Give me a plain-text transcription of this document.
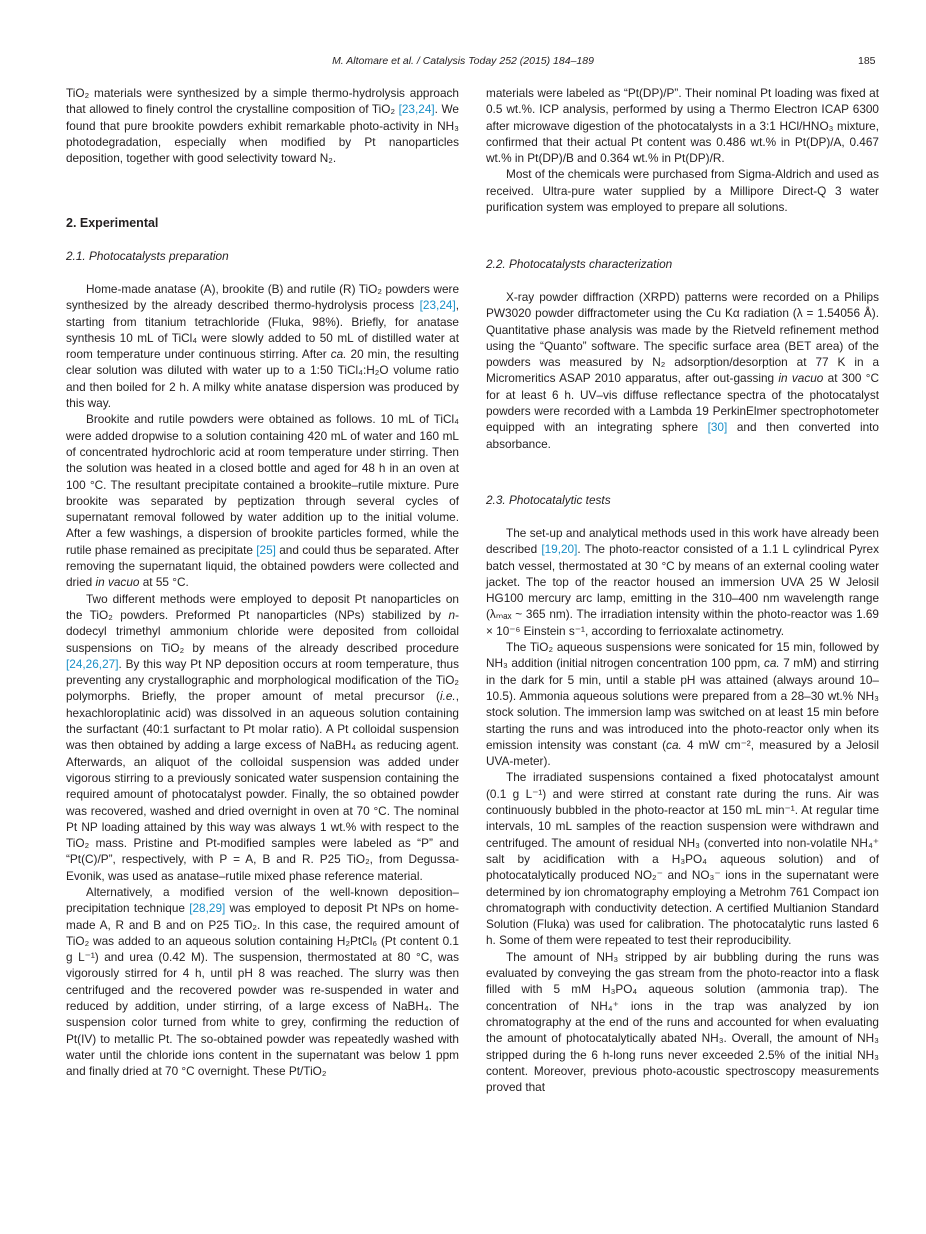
M. Altomare et al. / Catalysis Today 252 (2015) 184–189	185

TiO₂ materials were synthesized by a simple thermo-hydrolysis approach that allowed to finely control the crystalline composition of TiO₂ [23,24]. We found that pure brookite powders exhibit remarkable photo-activity in NH₃ photodegradation, especially when modified by Pt nanoparticles deposition, together with good selectivity toward N₂.

2. Experimental
2.1. Photocatalysts preparation

Home-made anatase (A), brookite (B) and rutile (R) TiO₂ powders were synthesized by the already described thermo-hydrolysis process [23,24], starting from titanium tetrachloride (Fluka, 98%). Briefly, for anatase synthesis 10 mL of TiCl₄ were slowly added to 50 mL of distilled water at room temperature under continuous stirring. After ca. 20 min, the resulting clear solution was diluted with water up to a 1:50 TiCl₄:H₂O volume ratio and then boiled for 2 h. A milky white anatase dispersion was produced by this way.

Brookite and rutile powders were obtained as follows. 10 mL of TiCl₄ were added dropwise to a solution containing 420 mL of water and 160 mL of concentrated hydrochloric acid at room temperature under stirring. Then the solution was heated in a closed bottle and aged for 48 h in an oven at 100 °C. The resultant precipitate contained a brookite–rutile mixture. Pure brookite was separated by peptization through several cycles of supernatant removal followed by water addition up to the initial volume. After a few washings, a dispersion of brookite particles formed, while the rutile phase remained as precipitate [25] and could thus be separated. After removing the supernatant liquid, the obtained powders were collected and dried in vacuo at 55 °C.

Two different methods were employed to deposit Pt nanoparticles on the TiO₂ powders. Preformed Pt nanoparticles (NPs) stabilized by n-dodecyl trimethyl ammonium chloride were deposited from colloidal suspensions on TiO₂ by means of the already described procedure [24,26,27]. By this way Pt NP deposition occurs at room temperature, thus preventing any crystallographic and morphological modification of the TiO₂ polymorphs. Briefly, the proper amount of metal precursor (i.e., hexachloroplatinic acid) was dissolved in an aqueous solution containing the surfactant (40:1 surfactant to Pt molar ratio). A Pt colloidal suspension was then obtained by adding a large excess of NaBH₄ as reducing agent. Afterwards, an aliquot of the colloidal suspension was added under vigorous stirring to a previously sonicated water suspension containing the required amount of photocatalyst powder. Finally, the so obtained powder was recovered, washed and dried overnight in oven at 70 °C. The nominal Pt NP loading attained by this way was always 1 wt.% with respect to the TiO₂ mass. Pristine and Pt-modified samples were labeled as “P” and “Pt(C)/P”, respectively, with P = A, B and R. P25 TiO₂, from Degussa-Evonik, was used as anatase–rutile mixed phase reference material.

Alternatively, a modified version of the well-known deposition–precipitation technique [28,29] was employed to deposit Pt NPs on home-made A, R and B and on P25 TiO₂. In this case, the required amount of TiO₂ was added to an aqueous solution containing H₂PtCl₆ (Pt content 0.1 g L⁻¹) and urea (0.42 M). The suspension, thermostated at 80 °C, was vigorously stirred for 4 h, until pH 8 was reached. The slurry was then centrifuged and the recovered powder was re-suspended in water and reduced by addition, under stirring, of a large excess of NaBH₄. The suspension color turned from white to grey, confirming the reduction of Pt(IV) to metallic Pt. The so-obtained powder was repeatedly washed with water until the chloride ions content in the supernatant was below 1 ppm and finally dried at 70 °C overnight. These Pt/TiO₂

materials were labeled as “Pt(DP)/P”. Their nominal Pt loading was fixed at 0.5 wt.%. ICP analysis, performed by using a Thermo Electron ICAP 6300 after microwave digestion of the photocatalysts in a 3:1 HCl/HNO₃ mixture, confirmed that their actual Pt content was 0.486 wt.% in Pt(DP)/A, 0.467 wt.% in Pt(DP)/B and 0.364 wt.% in Pt(DP)/R.

Most of the chemicals were purchased from Sigma-Aldrich and used as received. Ultra-pure water supplied by a Millipore Direct-Q 3 water purification system was employed to prepare all solutions.

2.2. Photocatalysts characterization

X-ray powder diffraction (XRPD) patterns were recorded on a Philips PW3020 powder diffractometer using the Cu Kα radiation (λ = 1.54056 Å). Quantitative phase analysis was made by the Rietveld refinement method using the “Quanto” software. The specific surface area (BET area) of the powders was measured by N₂ adsorption/desorption at 77 K in a Micromeritics ASAP 2010 apparatus, after out-gassing in vacuo at 300 °C for at least 6 h. UV–vis diffuse reflectance spectra of the photocatalyst powders were recorded with a Lambda 19 PerkinElmer spectrophotometer equipped with an integrating sphere [30] and then converted into absorbance.

2.3. Photocatalytic tests

The set-up and analytical methods used in this work have already been described [19,20]. The photo-reactor consisted of a 1.1 L cylindrical Pyrex batch vessel, thermostated at 30 °C by means of an external cooling water jacket. The top of the reactor housed an immersion UVA 25 W Jelosil HG100 mercury arc lamp, emitting in the 310–400 nm wavelength range (λₘₐₓ ~ 365 nm). The irradiation intensity within the photo-reactor was 1.69 × 10⁻⁶ Einstein s⁻¹, according to ferrioxalate actinometry.

The TiO₂ aqueous suspensions were sonicated for 15 min, followed by NH₃ addition (initial nitrogen concentration 100 ppm, ca. 7 mM) and stirring in the dark for 5 min, until a stable pH was attained (always around 10–10.5). Ammonia aqueous solutions were prepared from a 28–30 wt.% NH₃ stock solution. The immersion lamp was switched on at least 15 min before starting the runs and was introduced into the photo-reactor only when its emission intensity was constant (ca. 4 mW cm⁻², measured by a Jelosil UVA-meter).

The irradiated suspensions contained a fixed photocatalyst amount (0.1 g L⁻¹) and were stirred at constant rate during the runs. Air was continuously bubbled in the photo-reactor at 150 mL min⁻¹. At regular time intervals, 10 mL samples of the reaction suspension were withdrawn and centrifuged. The amount of residual NH₃ (converted into non-volatile NH₄⁺ salt by acidification with a H₃PO₄ aqueous solution) and of photocatalytically produced NO₂⁻ and NO₃⁻ ions in the supernatant were determined by ion chromatography employing a Metrohm 761 Compact ion chromatograph with conductivity detection. A certified Multianion Standard Solution (Fluka) was used for calibration. The photocatalytic runs lasted 6 h. Some of them were repeated to test their reproducibility.

The amount of NH₃ stripped by air bubbling during the runs was evaluated by conveying the gas stream from the photo-reactor into a flask filled with 5 mM H₃PO₄ aqueous solution (ammonia trap). The concentration of NH₄⁺ ions in the trap was analyzed by ion chromatography at the end of the runs and accounted for when evaluating the amount of photocatalytically abated NH₃. Overall, the amount of NH₃ stripped during the 6 h-long runs never exceeded 2.5% of the initial NH₃ content. Moreover, previous photo-acoustic spectroscopy measurements proved that
